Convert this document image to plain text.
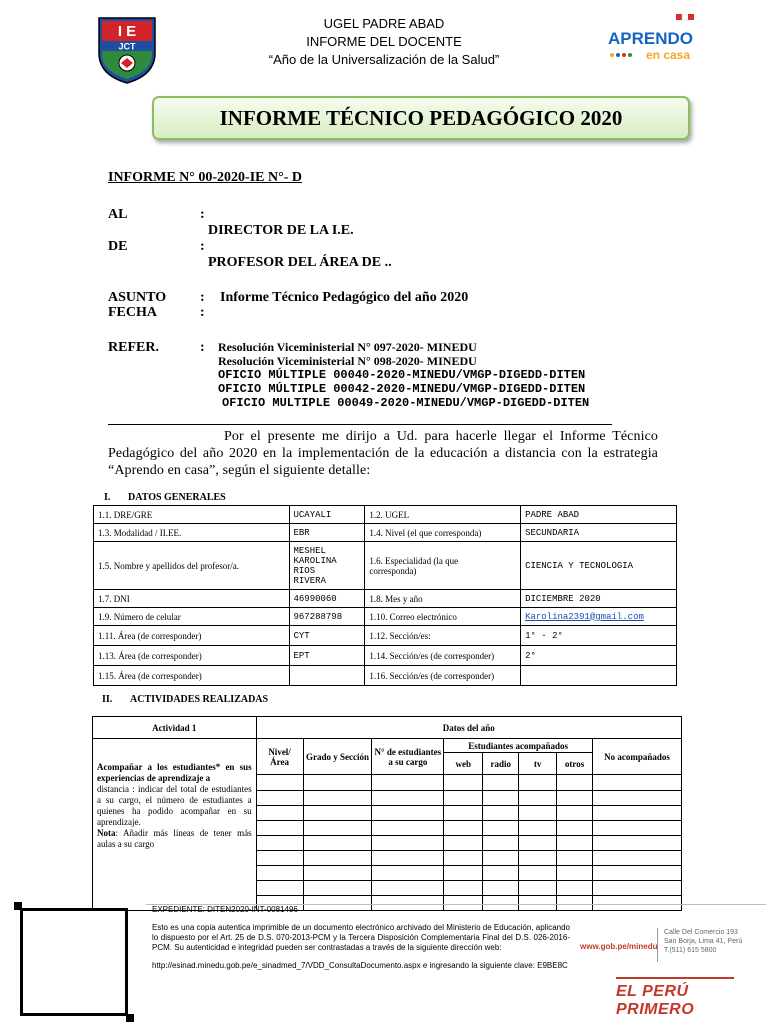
I E
JCT
UGEL PADRE ABAD
INFORME DEL DOCENTE
“Año de la Universalización de la Salud”
APRENDO
en casa
INFORME TÉCNICO PEDAGÓGICO 2020
INFORME N° 00-2020-IE N°- D
AL	:
DIRECTOR DE LA I.E.
DE	:
PROFESOR DEL ÁREA DE ..
ASUNTO : Informe Técnico Pedagógico del año 2020
FECHA	:
REFER.	: Resolución Viceministerial N° 097-2020- MINEDU
Resolución Viceministerial N° 098-2020- MINEDU
OFICIO MÚLTIPLE 00040-2020-MINEDU/VMGP-DIGEDD-DITEN
OFICIO MÚLTIPLE 00042-2020-MINEDU/VMGP-DIGEDD-DITEN
OFICIO MULTIPLE 00049-2020-MINEDU/VMGP-DIGEDD-DITEN
Por el presente me dirijo a Ud. para hacerle llegar el Informe Técnico Pedagógico del año 2020 en la implementación de la educación a distancia con la estrategia “Aprendo en casa”, según el siguiente detalle:
I. DATOS GENERALES
1.1. DRE/GRE	UCAYALI	1.2. UGEL	PADRE ABAD
1.3. Modalidad / II.EE.	EBR	1.4. Nivel (el que corresponda)	SECUNDARIA
1.5. Nombre y apellidos del profesor/a.	MESHEL
KAROLINA
RIOS
RIVERA	1.6. Especialidad (la que
corresponda)	CIENCIA Y TECNOLOGIA
1.7. DNI	46990060	1.8. Mes y año	DICIEMBRE 2020
1.9. Número de celular	967288798	1.10. Correo electrónico	Karolina2391@gmail.com
1.11. Área (de corresponder)	CYT	1.12. Sección/es:	1° - 2°
1.13. Área (de corresponder)	EPT	1.14. Sección/es (de corresponder)	2°
1.15. Área (de corresponder)		1.16. Sección/es (de corresponder)	
II. ACTIVIDADES REALIZADAS
Actividad 1	Datos del año							

Acompañar a los estudiantes* en sus experiencias de aprendizaje a
distancia : indicar del total de estudiantes a su cargo, el número de estudiantes a quienes ha podido acompañar en su aprendizaje.
Nota: Añadir más líneas de tener más aulas a su cargo	Nivel/ Área	Grado y Sección	N° de estudiantes a su cargo	Estudiantes acompañados				No acompañados
				web	radio	tv	otros	

EXPEDIENTE: DITEN2020-INT-0081496

Esto es una copia autentica imprimible de un documento electrónico archivado del Ministerio de Educación, aplicando lo dispuesto por el Art. 25 de D.S. 070-2013-PCM y la Tercera Disposición Complementaria Final del D.S. 026-2016-PCM. Su autenticidad e integridad pueden ser contrastadas a través de la siguiente dirección web:

http://esinad.minedu.gob.pe/e_sinadmed_7/VDD_ConsultaDocumento.aspx e ingresando la siguiente clave: E9BE8C

www.gob.pe/minedu
Calle Del Comercio 193
San Borja, Lima 41, Perú
T.(511) 615 5800
EL PERÚ PRIMERO
